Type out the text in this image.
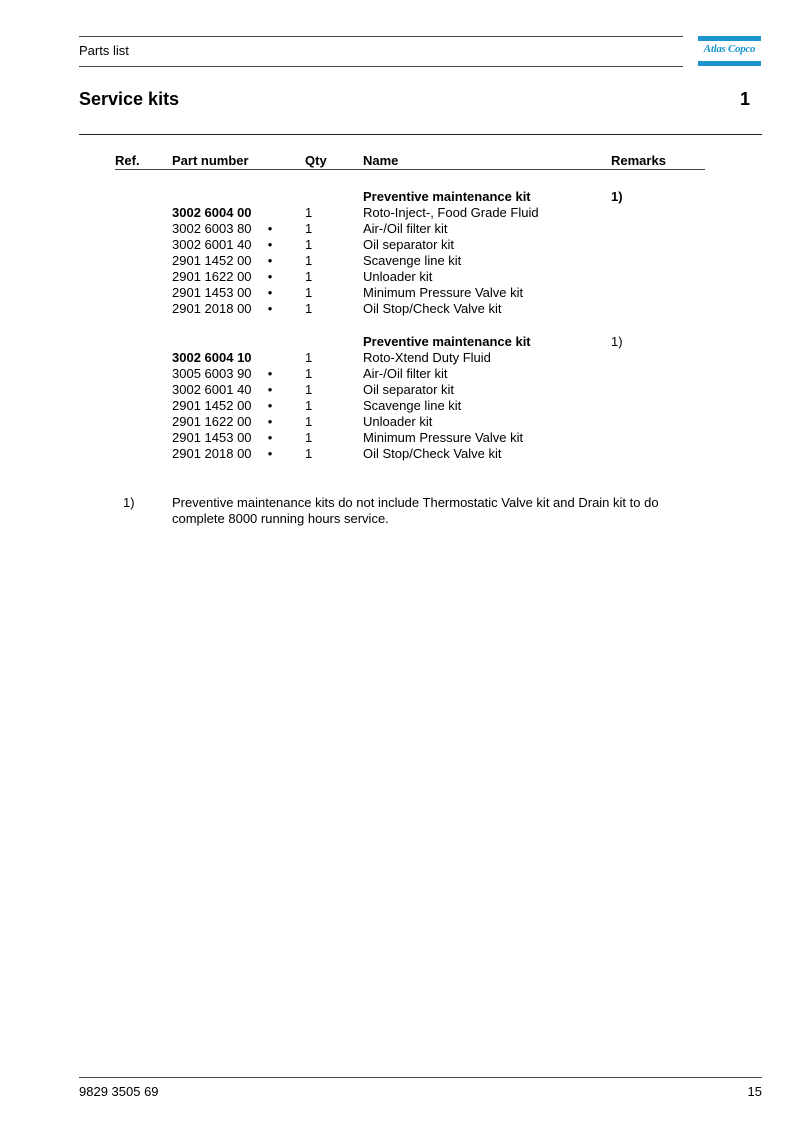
Parts list	Atlas Copco
Service kits	1
Ref. Part number	Qty	Name	Remarks
Preventive maintenance kit	1)
3002 6004 00	1	Roto-Inject-, Food Grade Fluid
3002 6003 80 •	1	Air-/Oil filter kit
3002 6001 40 •	1	Oil separator kit
2901 1452 00 •	1	Scavenge line kit
2901 1622 00 •	1	Unloader kit
2901 1453 00 •	1	Minimum Pressure Valve kit
2901 2018 00 •	1	Oil Stop/Check Valve kit
Preventive maintenance kit	1)
3002 6004 10	1	Roto-Xtend Duty Fluid
3005 6003 90 •	1	Air-/Oil filter kit
3002 6001 40 •	1	Oil separator kit
2901 1452 00 •	1	Scavenge line kit
2901 1622 00 •	1	Unloader kit
2901 1453 00 •	1	Minimum Pressure Valve kit
2901 2018 00 •	1	Oil Stop/Check Valve kit
1)	Preventive maintenance kits do not include Thermostatic Valve kit and Drain kit to do complete 8000 running hours service.
9829 3505 69	15
